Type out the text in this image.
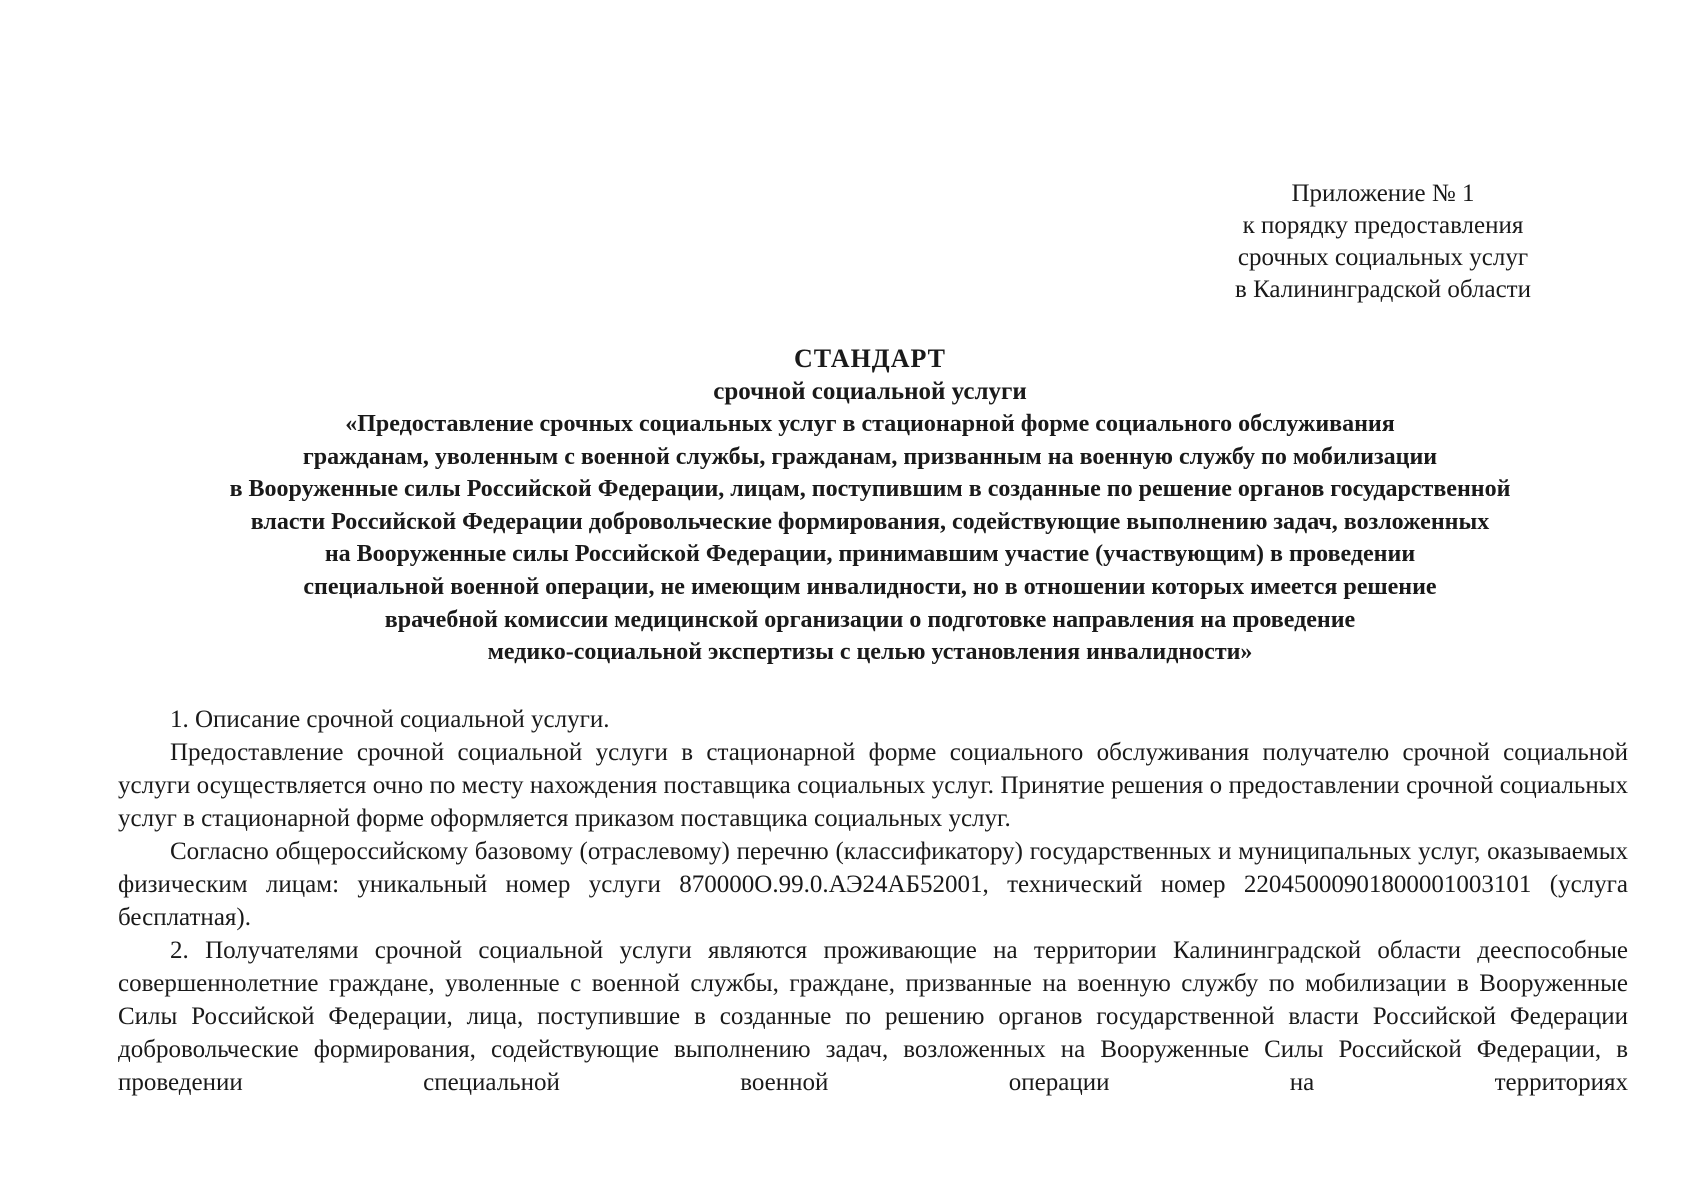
Приложение № 1
к порядку предоставления
срочных социальных услуг
в Калининградской области
СТАНДАРТ
срочной социальной услуги
«Предоставление срочных социальных услуг в стационарной форме социального обслуживания
гражданам, уволенным с военной службы, гражданам, призванным на военную службу по мобилизации
в Вооруженные силы Российской Федерации, лицам, поступившим в созданные по решение органов государственной
власти Российской Федерации добровольческие формирования, содействующие выполнению задач, возложенных
на Вооруженные силы Российской Федерации, принимавшим участие (участвующим) в проведении
специальной военной операции, не имеющим инвалидности, но в отношении которых имеется решение
врачебной комиссии медицинской организации о подготовке направления на проведение
медико-социальной экспертизы с целью установления инвалидности»

1. Описание срочной социальной услуги.

Предоставление срочной социальной услуги в стационарной форме социального обслуживания получателю срочной социальной услуги осуществляется очно по месту нахождения поставщика социальных услуг. Принятие решения о предоставлении срочной социальных услуг в стационарной форме оформляется приказом поставщика социальных услуг.

Согласно общероссийскому базовому (отраслевому) перечню (классификатору) государственных и муниципальных услуг, оказываемых физическим лицам: уникальный номер услуги 870000О.99.0.АЭ24АБ52001, технический номер 220450009018000010031​01 (услуга бесплатная).

2. Получателями срочной социальной услуги являются проживающие на территории Калининградской области дееспособные совершеннолетние граждане, уволенные с военной службы, граждане, призванные на военную службу по мобилизации в Вооруженные Силы Российской Федерации, лица, поступившие в созданные по решению органов государственной власти Российской Федерации добровольческие формирования, содействующие выполнению задач, возложенных на Вооруженные Силы Российской Федерации, в проведении специальной военной операции на территориях
